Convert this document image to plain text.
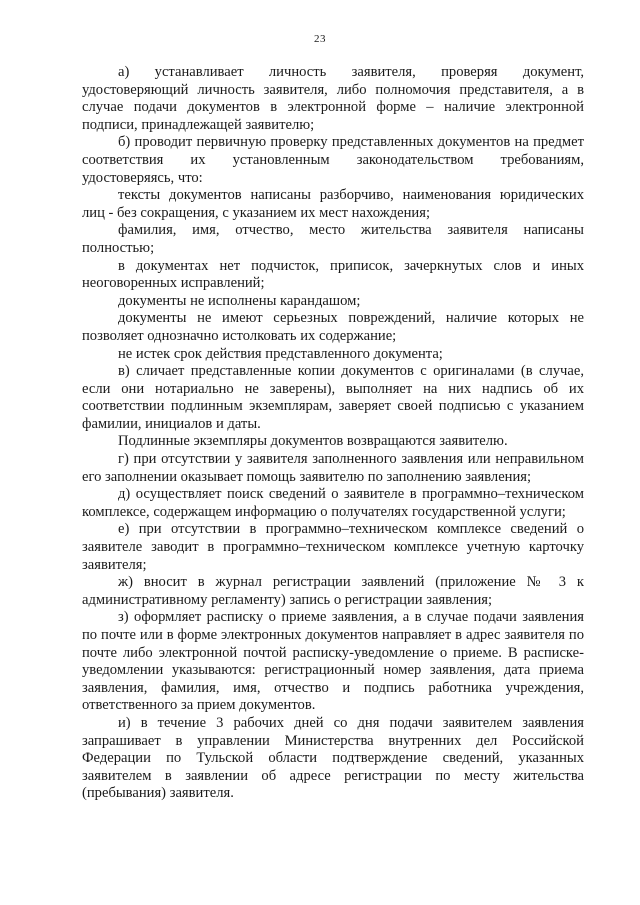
23

а) устанавливает личность заявителя, проверяя документ, удостоверяющий личность заявителя, либо полномочия представителя, а в случае подачи документов в электронной форме – наличие электронной подписи, принадлежащей заявителю;

б) проводит первичную проверку представленных документов на предмет соответствия их установленным законодательством требованиям, удостоверяясь, что:

тексты документов написаны разборчиво, наименования юридических лиц - без сокращения, с указанием их мест нахождения;

фамилия, имя, отчество, место жительства заявителя написаны полностью;

в документах нет подчисток, приписок, зачеркнутых слов и иных неоговоренных исправлений;

документы не исполнены карандашом;

документы не имеют серьезных повреждений, наличие которых не позволяет однозначно истолковать их содержание;

не истек срок действия представленного документа;

в) сличает представленные копии документов с оригиналами (в случае, если они нотариально не заверены), выполняет на них надпись об их соответствии подлинным экземплярам, заверяет своей подписью с указанием фамилии, инициалов и даты.

Подлинные экземпляры документов возвращаются заявителю.

г) при отсутствии у заявителя заполненного заявления или неправильном его заполнении оказывает помощь заявителю по заполнению заявления;

д) осуществляет поиск сведений о заявителе в программно–техническом комплексе, содержащем информацию о получателях государственной услуги;

е) при отсутствии в программно–техническом комплексе сведений о заявителе заводит в программно–техническом комплексе учетную карточку заявителя;

ж) вносит в журнал регистрации заявлений (приложение № 3 к административному регламенту) запись о регистрации заявления;

з) оформляет расписку о приеме заявления, а в случае подачи заявления по почте или в форме электронных документов направляет в адрес заявителя по почте либо электронной почтой расписку-уведомление о приеме. В расписке-уведомлении указываются: регистрационный номер заявления, дата приема заявления, фамилия, имя, отчество и подпись работника учреждения, ответственного за прием документов.

и) в течение 3 рабочих дней со дня подачи заявителем заявления запрашивает в управлении Министерства внутренних дел Российской Федерации по Тульской области подтверждение сведений, указанных заявителем в заявлении об адресе регистрации по месту жительства (пребывания) заявителя.
